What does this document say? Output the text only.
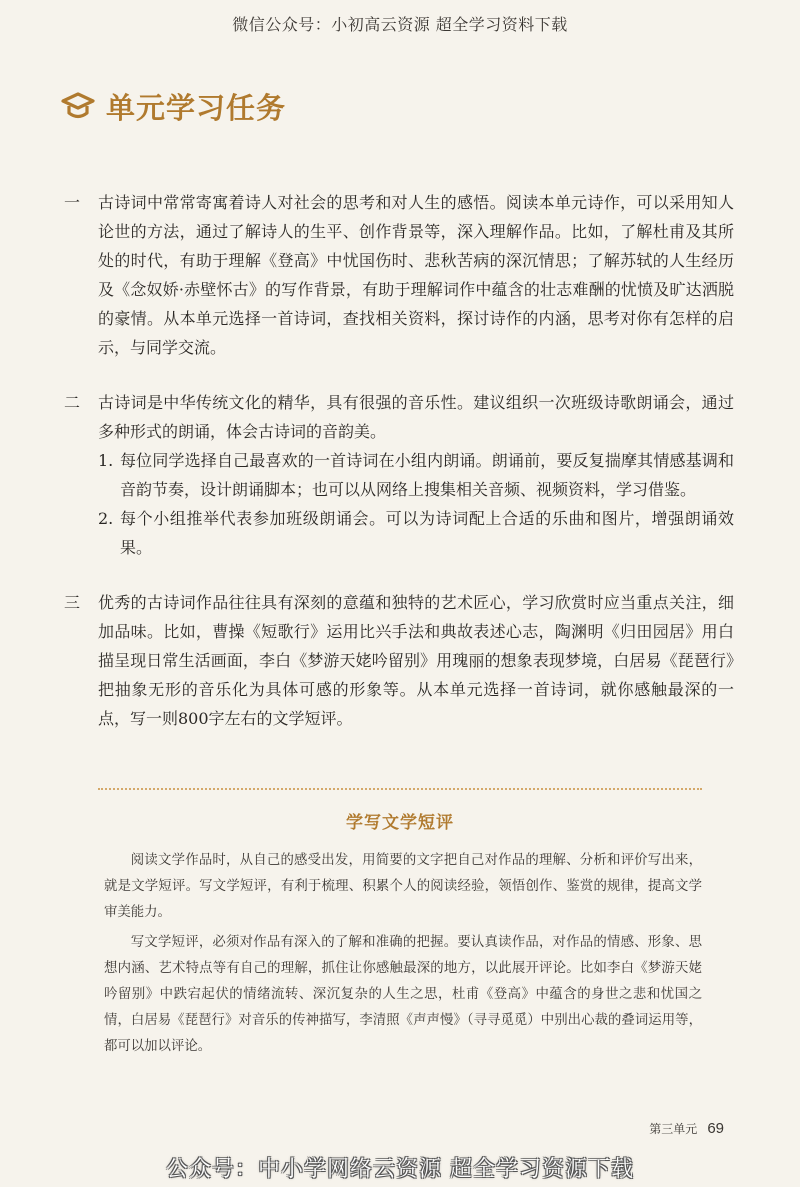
微信公众号：小初高云资源 超全学习资料下载
单元学习任务
一	古诗词中常常寄寓着诗人对社会的思考和对人生的感悟。阅读本单元诗作，可以采用知人论世的方法，通过了解诗人的生平、创作背景等，深入理解作品。比如，了解杜甫及其所处的时代，有助于理解《登高》中忧国伤时、悲秋苦病的深沉情思；了解苏轼的人生经历及《念奴娇·赤壁怀古》的写作背景，有助于理解词作中蕴含的壮志难酬的忧愤及旷达洒脱的豪情。从本单元选择一首诗词，查找相关资料，探讨诗作的内涵，思考对你有怎样的启示，与同学交流。

二	古诗词是中华传统文化的精华，具有很强的音乐性。建议组织一次班级诗歌朗诵会，通过多种形式的朗诵，体会古诗词的音韵美。

1. 每位同学选择自己最喜欢的一首诗词在小组内朗诵。朗诵前，要反复揣摩其情感基调和音韵节奏，设计朗诵脚本；也可以从网络上搜集相关音频、视频资料，学习借鉴。

2. 每个小组推举代表参加班级朗诵会。可以为诗词配上合适的乐曲和图片，增强朗诵效果。

三	优秀的古诗词作品往往具有深刻的意蕴和独特的艺术匠心，学习欣赏时应当重点关注，细加品味。比如，曹操《短歌行》运用比兴手法和典故表述心志，陶渊明《归田园居》用白描呈现日常生活画面，李白《梦游天姥吟留别》用瑰丽的想象表现梦境，白居易《琵琶行》把抽象无形的音乐化为具体可感的形象等。从本单元选择一首诗词，就你感触最深的一点，写一则800字左右的文学短评。

学写文学短评

阅读文学作品时，从自己的感受出发，用简要的文字把自己对作品的理解、分析和评价写出来，就是文学短评。写文学短评，有利于梳理、积累个人的阅读经验，领悟创作、鉴赏的规律，提高文学审美能力。

写文学短评，必须对作品有深入的了解和准确的把握。要认真读作品，对作品的情感、形象、思想内涵、艺术特点等有自己的理解，抓住让你感触最深的地方，以此展开评论。比如李白《梦游天姥吟留别》中跌宕起伏的情绪流转、深沉复杂的人生之思，杜甫《登高》中蕴含的身世之悲和忧国之情，白居易《琵琶行》对音乐的传神描写，李清照《声声慢》（寻寻觅觅）中别出心裁的叠词运用等，都可以加以评论。

第三单元 69
公众号：中小学网络云资源 超全学习资源下载
